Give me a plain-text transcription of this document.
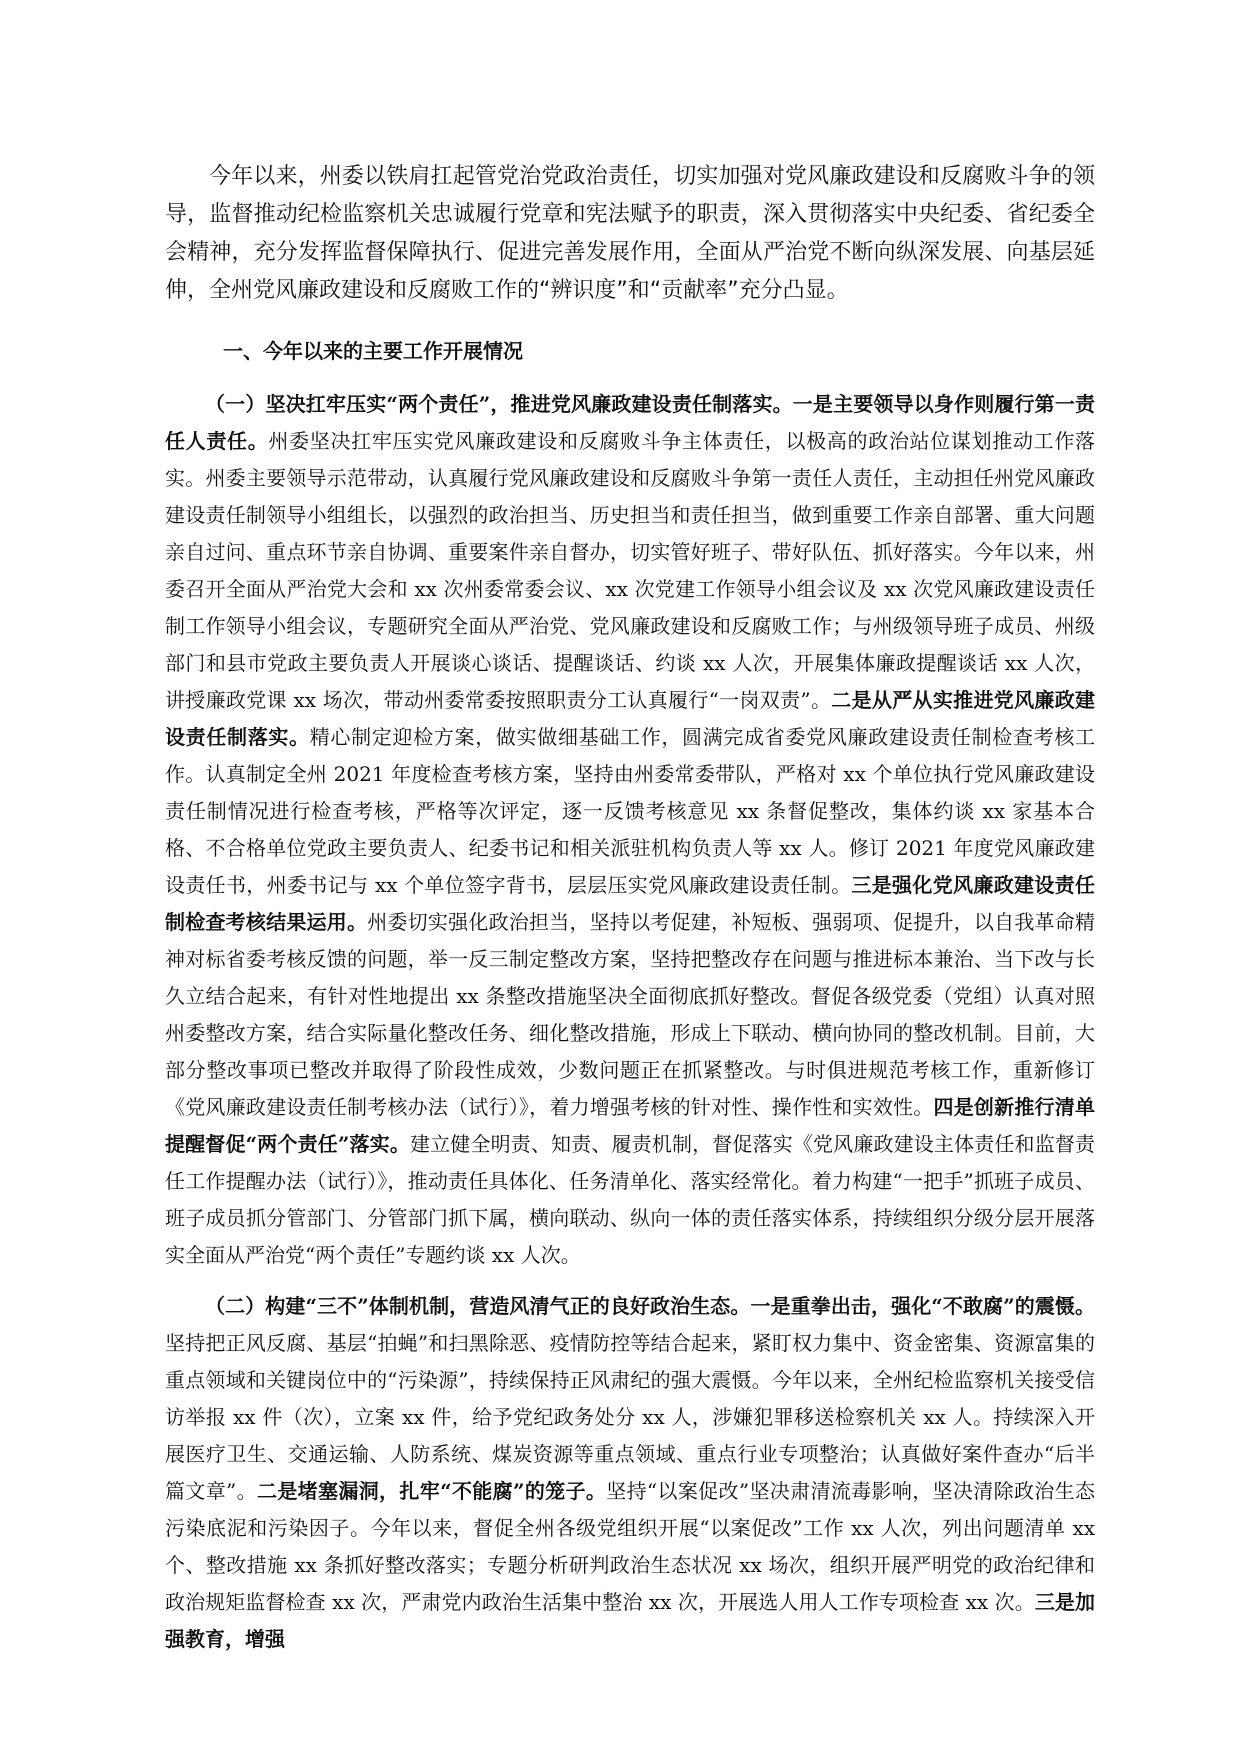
今年以来，州委以铁肩扛起管党治党政治责任，切实加强对党风廉政建设和反腐败斗争的领导，监督推动纪检监察机关忠诚履行党章和宪法赋予的职责，深入贯彻落实中央纪委、省纪委全会精神，充分发挥监督保障执行、促进完善发展作用，全面从严治党不断向纵深发展、向基层延伸，全州党风廉政建设和反腐败工作的“辨识度”和“贡献率”充分凸显。

一、今年以来的主要工作开展情况

（一）坚决扛牢压实“两个责任”，推进党风廉政建设责任制落实。一是主要领导以身作则履行第一责任人责任。州委坚决扛牢压实党风廉政建设和反腐败斗争主体责任，以极高的政治站位谋划推动工作落实。州委主要领导示范带动，认真履行党风廉政建设和反腐败斗争第一责任人责任，主动担任州党风廉政建设责任制领导小组组长，以强烈的政治担当、历史担当和责任担当，做到重要工作亲自部署、重大问题亲自过问、重点环节亲自协调、重要案件亲自督办，切实管好班子、带好队伍、抓好落实。今年以来，州委召开全面从严治党大会和 xx 次州委常委会议、xx 次党建工作领导小组会议及 xx 次党风廉政建设责任制工作领导小组会议，专题研究全面从严治党、党风廉政建设和反腐败工作；与州级领导班子成员、州级部门和县市党政主要负责人开展谈心谈话、提醒谈话、约谈 xx 人次，开展集体廉政提醒谈话 xx 人次，讲授廉政党课 xx 场次，带动州委常委按照职责分工认真履行“一岗双责”。二是从严从实推进党风廉政建设责任制落实。精心制定迎检方案，做实做细基础工作，圆满完成省委党风廉政建设责任制检查考核工作。认真制定全州 2021 年度检查考核方案，坚持由州委常委带队，严格对 xx 个单位执行党风廉政建设责任制情况进行检查考核，严格等次评定，逐一反馈考核意见 xx 条督促整改，集体约谈 xx 家基本合格、不合格单位党政主要负责人、纪委书记和相关派驻机构负责人等 xx 人。修订 2021 年度党风廉政建设责任书，州委书记与 xx 个单位签字背书，层层压实党风廉政建设责任制。三是强化党风廉政建设责任制检查考核结果运用。州委切实强化政治担当，坚持以考促建，补短板、强弱项、促提升，以自我革命精神对标省委考核反馈的问题，举一反三制定整改方案，坚持把整改存在问题与推进标本兼治、当下改与长久立结合起来，有针对性地提出 xx 条整改措施坚决全面彻底抓好整改。督促各级党委（党组）认真对照州委整改方案，结合实际量化整改任务、细化整改措施，形成上下联动、横向协同的整改机制。目前，大部分整改事项已整改并取得了阶段性成效，少数问题正在抓紧整改。与时俱进规范考核工作，重新修订《党风廉政建设责任制考核办法（试行）》，着力增强考核的针对性、操作性和实效性。四是创新推行清单提醒督促“两个责任”落实。建立健全明责、知责、履责机制，督促落实《党风廉政建设主体责任和监督责任工作提醒办法（试行）》，推动责任具体化、任务清单化、落实经常化。着力构建“一把手”抓班子成员、班子成员抓分管部门、分管部门抓下属，横向联动、纵向一体的责任落实体系，持续组织分级分层开展落实全面从严治党“两个责任”专题约谈 xx 人次。

（二）构建“三不”体制机制，营造风清气正的良好政治生态。一是重拳出击，强化“不敢腐”的震慑。坚持把正风反腐、基层“拍蝇”和扫黑除恶、疫情防控等结合起来，紧盯权力集中、资金密集、资源富集的重点领域和关键岗位中的“污染源”，持续保持正风肃纪的强大震慑。今年以来，全州纪检监察机关接受信访举报 xx 件（次），立案 xx 件，给予党纪政务处分 xx 人，涉嫌犯罪移送检察机关 xx 人。持续深入开展医疗卫生、交通运输、人防系统、煤炭资源等重点领域、重点行业专项整治；认真做好案件查办“后半篇文章”。二是堵塞漏洞，扎牢“不能腐”的笼子。坚持“以案促改”坚决肃清流毒影响，坚决清除政治生态污染底泥和污染因子。今年以来，督促全州各级党组织开展“以案促改”工作 xx 人次，列出问题清单 xx 个、整改措施 xx 条抓好整改落实；专题分析研判政治生态状况 xx 场次，组织开展严明党的政治纪律和政治规矩监督检查 xx 次，严肃党内政治生活集中整治 xx 次，开展选人用人工作专项检查 xx 次。三是加强教育，增强
